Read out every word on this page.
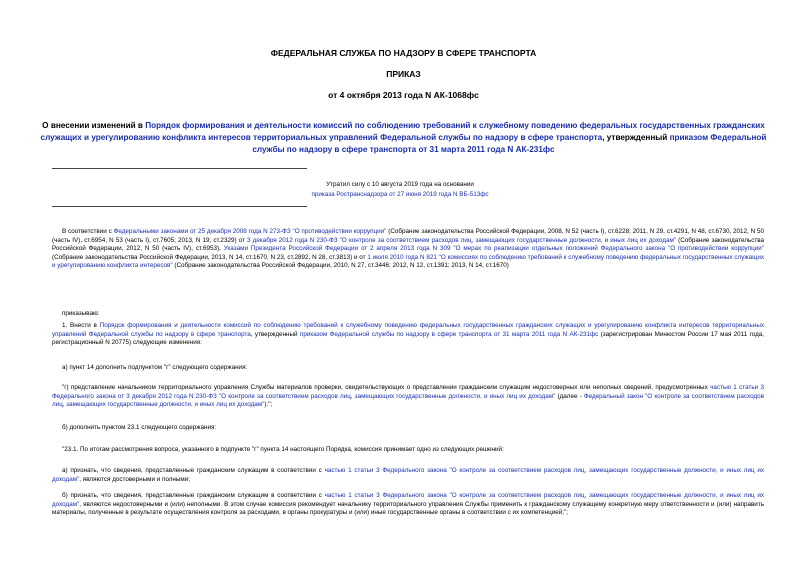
ФЕДЕРАЛЬНАЯ СЛУЖБА ПО НАДЗОРУ В СФЕРЕ ТРАНСПОРТА
ПРИКАЗ
от 4 октября 2013 года N АК-1068фс
О внесении изменений в Порядок формирования и деятельности комиссий по соблюдению требований к служебному поведению федеральных государственных гражданских служащих и урегулированию конфликта интересов территориальных управлений Федеральной службы по надзору в сфере транспорта, утвержденный приказом Федеральной службы по надзору в сфере транспорта от 31 марта 2011 года N АК-231фс
Утратил силу с 10 августа 2019 года на основании
приказа Ространснадзора от 27 июня 2019 года N ВБ-513фс
В соответствии с Федеральными законами от 25 декабря 2008 года N 273-ФЗ "О противодействии коррупции" (Собрание законодательства Российской Федерации, 2008, N 52 (часть I), ст.6228; 2011, N 29, ст.4291, N 48, ст.6730, 2012, N 50 (часть IV), ст.6954, N 53 (часть I), ст.7605; 2013, N 19, ст.2329) от 3 декабря 2012 года N 230-ФЗ "О контроле за соответствием расходов лиц, замещающих государственные должности, и иных лиц их доходам" (Собрание законодательства Российской Федерации, 2012, N 50 (часть IV), ст.6953), Указами Президента Российской Федерации от 2 апреля 2013 года N 309 "О мерах по реализации отдельных положений Федерального закона "О противодействии коррупции" (Собрание законодательства Российской Федерации, 2013, N 14, ст.1670, N 23, ст.2892, N 28, ст.3813) и от 1 июля 2010 года N 821 "О комиссиях по соблюдению требований к служебному поведению федеральных государственных служащих и урегулированию конфликта интересов" (Собрание законодательства Российской Федерации, 2010, N 27, ст.3446; 2012, N 12, ст.1391; 2013, N 14, ст.1670)
приказываю:
1. Внести в Порядок формирования и деятельности комиссий по соблюдению требований к служебному поведению федеральных государственных гражданских служащих и урегулированию конфликта интересов территориальных управлений Федеральной службы по надзору в сфере транспорта, утвержденный приказом Федеральной службы по надзору в сфере транспорта от 31 марта 2011 года N АК-231фс (зарегистрирован Минюстом России 17 мая 2011 года, регистрационный N 20775) следующие изменения:
а) пункт 14 дополнить подпунктом "г" следующего содержания:
"г) представление начальником территориального управления Службы материалов проверки, свидетельствующих о представлении гражданским служащим недостоверных или неполных сведений, предусмотренных частью 1 статьи 3 Федерального закона от 3 декабря 2012 года N 230-ФЗ "О контроле за соответствием расходов лиц, замещающих государственные должности, и иных лиц их доходам" (далее - Федеральный закон "О контроле за соответствием расходов лиц, замещающих государственные должности, и иных лиц их доходам").";
б) дополнить пунктом 23.1 следующего содержания:
"23.1. По итогам рассмотрения вопроса, указанного в подпункте "г" пункта 14 настоящего Порядка, комиссия принимает одно из следующих решений:
а) признать, что сведения, представленные гражданским служащим в соответствии с частью 1 статьи 3 Федерального закона "О контроле за соответствием расходов лиц, замещающих государственные должности, и иных лиц их доходам", являются достоверными и полными;
б) признать, что сведения, представленные гражданским служащим в соответствии с частью 1 статьи 3 Федерального закона "О контроле за соответствием расходов лиц, замещающих государственные должности, и иных лиц их доходам", являются недостоверными и (или) неполными. В этом случае комиссия рекомендует начальнику территориального управления Службы применить к гражданскому служащему конкретную меру ответственности и (или) направить материалы, полученные в результате осуществления контроля за расходами, в органы прокуратуры и (или) иные государственные органы в соответствии с их компетенцией;";
